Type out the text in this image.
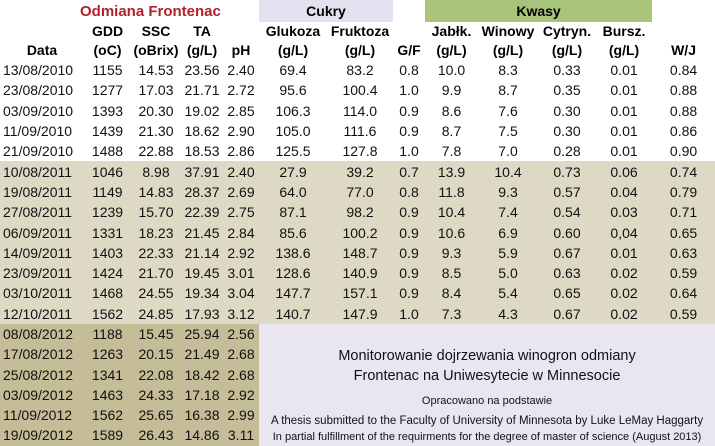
Odmiana Frontenac					Cukry			Kwasy				
	GDD	SSC	TA		Glukoza	Fruktoza		Jabłk.	Winowy	Cytryn.	Bursz.	
Data	(oC)	(oBrix)	(g/L)	pH	(g/L)	(g/L)	G/F	(g/L)	(g/L)	(g/L)	(g/L)	W/J
13/08/2010	1155	14.53	23.56	2.40	69.4	83.2	0.8	10.0	8.3	0.33	0.01	0.84
23/08/2010	1277	17.03	21.71	2.72	95.6	100.4	1.0	9.9	8.7	0.35	0.01	0.88
03/09/2010	1393	20.30	19.02	2.85	106.3	114.0	0.9	8.6	7.6	0.30	0.01	0.88
11/09/2010	1439	21.30	18.62	2.90	105.0	111.6	0.9	8.7	7.5	0.30	0.01	0.86
21/09/2010	1488	22.88	18.53	2.86	125.5	127.8	1.0	7.8	7.0	0.28	0.01	0.90
10/08/2011	1046	8.98	37.91	2.40	27.9	39.2	0.7	13.9	10.4	0.73	0.06	0.74
19/08/2011	1149	14.83	28.37	2.69	64.0	77.0	0.8	11.8	9.3	0.57	0.04	0.79
27/08/2011	1239	15.70	22.39	2.75	87.1	98.2	0.9	10.4	7.4	0.54	0.03	0.71
06/09/2011	1331	18.23	21.45	2.84	85.6	100.2	0.9	10.6	6.9	0.60	0,04	0.65
14/09/2011	1403	22.33	21.14	2.92	138.6	148.7	0.9	9.3	5.9	0.67	0.01	0.63
23/09/2011	1424	21.70	19.45	3.01	128.6	140.9	0.9	8.5	5.0	0.63	0.02	0.59
03/10/2011	1468	24.55	19.34	3.04	147.7	157.1	0.9	8.4	5.4	0.65	0.02	0.64
12/10/2011	1562	24.85	17.93	3.12	140.7	147.9	1.0	7.3	4.3	0.67	0.02	0.59
08/08/2012	1188	15.45	25.94	2.56	Monitorowanie dojrzewania winogron odmiany
Frontenac na Uniwesytecie w Minnesocie
Opracowano na podstawie
A thesis submitted to the Faculty of University of Minnesota by Luke LeMay Haggarty
In partial fulfillment of the requirments for the degree of master of science (August 2013)							

17/08/2012	1263	20.15	21.49	2.68								
25/08/2012	1341	22.08	18.42	2.68								
03/09/2012	1463	24.33	17.18	2.92								
11/09/2012	1562	25.65	16.38	2.99								
19/09/2012	1589	26.43	14.86	3.11								
